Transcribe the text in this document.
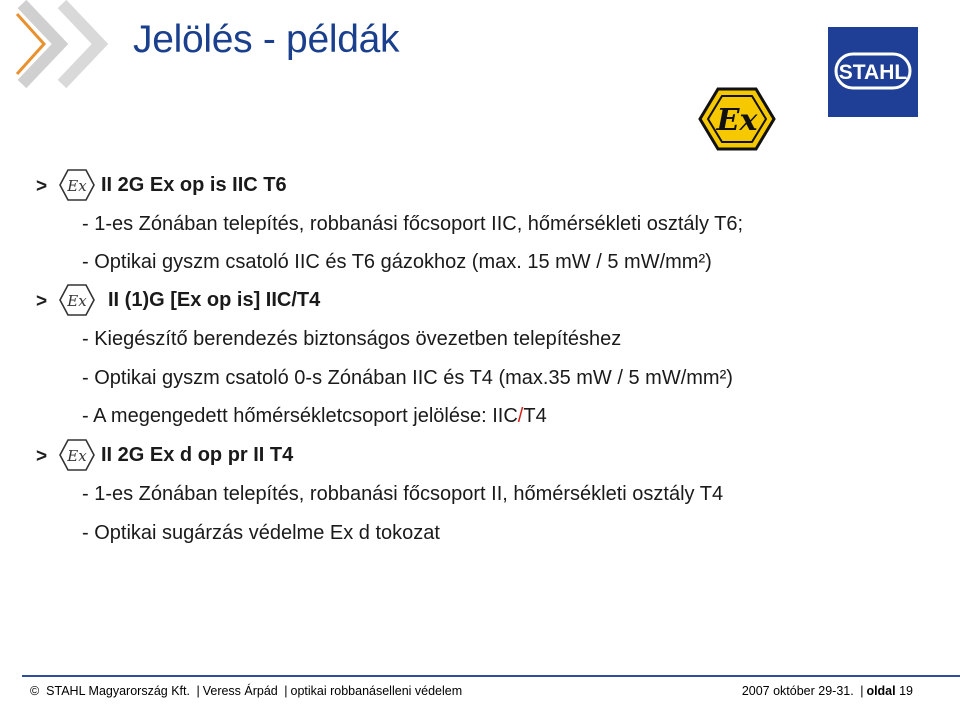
Jelölés - példák
STAHL
Ex
> Ex II 2G Ex op is IIC T6
- 1-es Zónában telepítés, robbanási főcsoport IIC, hőmérsékleti osztály T6;
- Optikai gyszm csatoló IIC és T6 gázokhoz (max. 15 mW / 5 mW/mm²)
> Ex II (1)G [Ex op is] IIC/T4
- Kiegészítő berendezés biztonságos övezetben telepítéshez
- Optikai gyszm csatoló 0-s Zónában IIC és T4 (max.35 mW / 5 mW/mm²)
- A megengedett hőmérsékletcsoport jelölése: IIC/T4
> Ex II 2G Ex d op pr II T4
- 1-es Zónában telepítés, robbanási főcsoport II, hőmérsékleti osztály T4
- Optikai sugárzás védelme Ex d tokozat
© STAHL Magyarország Kft. | Veress Árpád | optikai robbanáselleni védelem	2007 október 29-31. | oldal 19
